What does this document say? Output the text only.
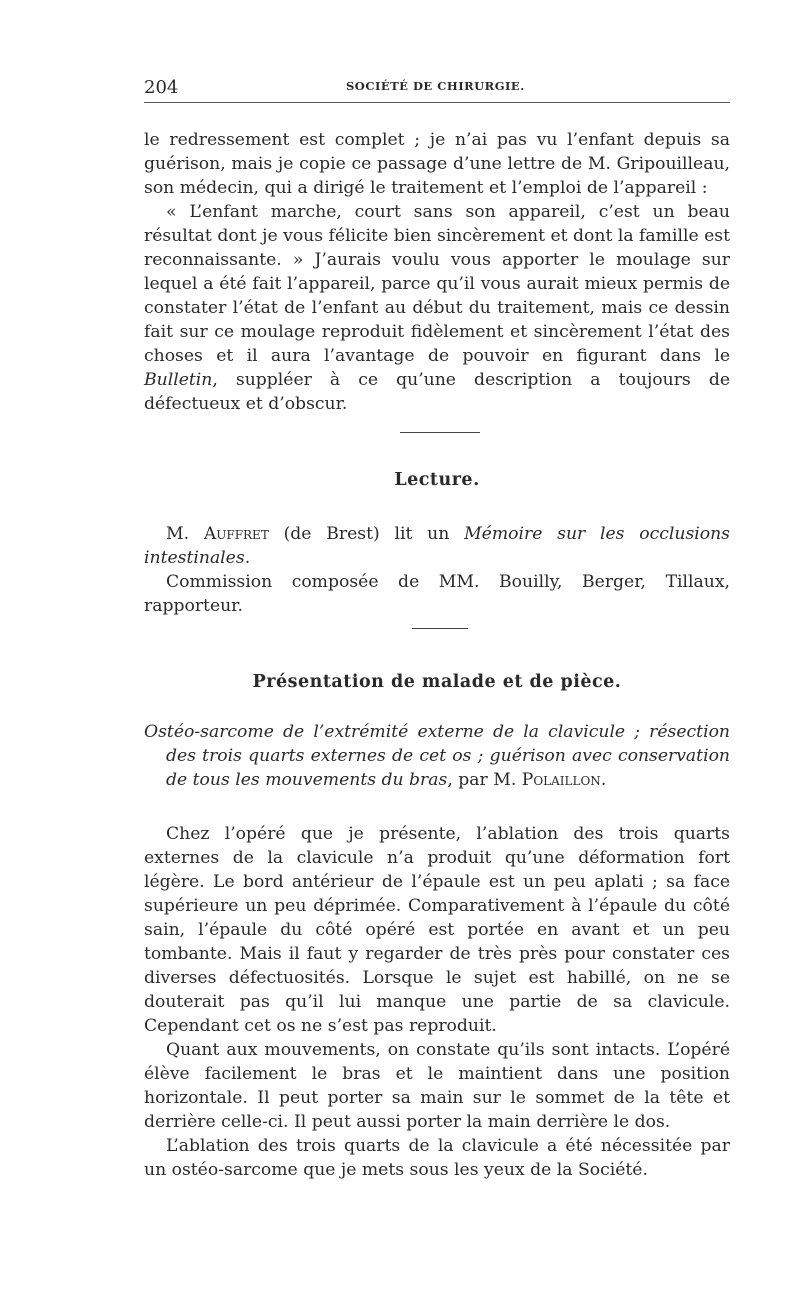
204	SOCIÉTÉ DE CHIRURGIE.

le redressement est complet ; je n’ai pas vu l’enfant depuis sa guérison, mais je copie ce passage d’une lettre de M. Gripouilleau, son médecin, qui a dirigé le traitement et l’emploi de l’appareil :

« L’enfant marche, court sans son appareil, c’est un beau résultat dont je vous félicite bien sincèrement et dont la famille est reconnaissante. » J’aurais voulu vous apporter le moulage sur lequel a été fait l’appareil, parce qu’il vous aurait mieux permis de constater l’état de l’enfant au début du traitement, mais ce dessin fait sur ce moulage reproduit fidèlement et sincèrement l’état des choses et il aura l’avantage de pouvoir en figurant dans le Bulletin, suppléer à ce qu’une description a toujours de défectueux et d’obscur.

Lecture.

M. Auffret (de Brest) lit un Mémoire sur les occlusions intestinales.

Commission composée de MM. Bouilly, Berger, Tillaux, rapporteur.

Présentation de malade et de pièce.

Ostéo-sarcome de l’extrémité externe de la clavicule ; résection des trois quarts externes de cet os ; guérison avec conservation de tous les mouvements du bras, par M. Polaillon.

Chez l’opéré que je présente, l’ablation des trois quarts externes de la clavicule n’a produit qu’une déformation fort légère. Le bord antérieur de l’épaule est un peu aplati ; sa face supérieure un peu déprimée. Comparativement à l’épaule du côté sain, l’épaule du côté opéré est portée en avant et un peu tombante. Mais il faut y regarder de très près pour constater ces diverses défectuosités. Lorsque le sujet est habillé, on ne se douterait pas qu’il lui manque une partie de sa clavicule. Cependant cet os ne s’est pas reproduit.

Quant aux mouvements, on constate qu’ils sont intacts. L’opéré élève facilement le bras et le maintient dans une position horizontale. Il peut porter sa main sur le sommet de la tête et derrière celle-ci. Il peut aussi porter la main derrière le dos.

L’ablation des trois quarts de la clavicule a été nécessitée par un ostéo-sarcome que je mets sous les yeux de la Société.
